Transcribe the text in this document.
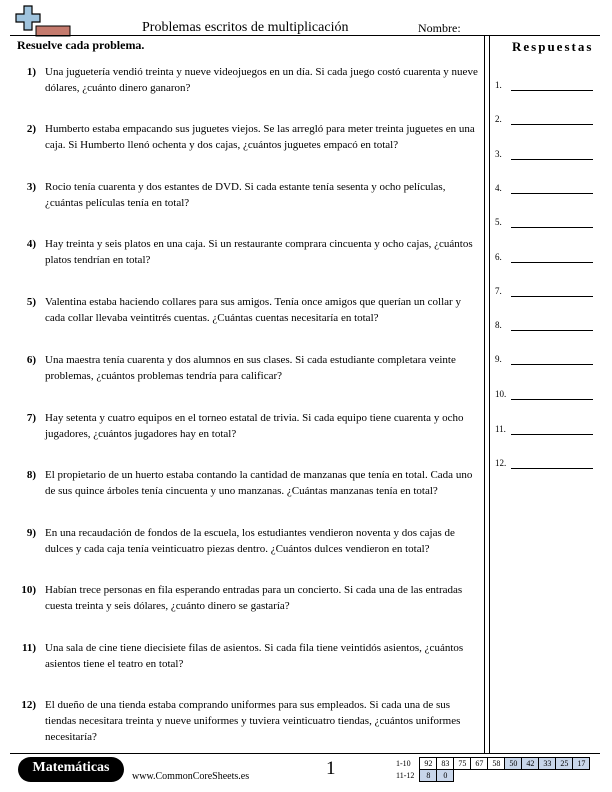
Problemas escritos de multiplicación	Nombre:
Resuelve cada problema.	Respuestas
1) Una juguetería vendió treinta y nueve videojuegos en un día. Si cada juego costó cuarenta y nueve dólares, ¿cuánto dinero ganaron?
2) Humberto estaba empacando sus juguetes viejos. Se las arregló para meter treinta juguetes en una caja. Si Humberto llenó ochenta y dos cajas, ¿cuántos juguetes empacó en total?
3) Rocio tenía cuarenta y dos estantes de DVD. Si cada estante tenía sesenta y ocho películas, ¿cuántas películas tenía en total?
4) Hay treinta y seis platos en una caja. Si un restaurante comprara cincuenta y ocho cajas, ¿cuántos platos tendrían en total?
5) Valentina estaba haciendo collares para sus amigos. Tenía once amigos que querían un collar y cada collar llevaba veintitrés cuentas. ¿Cuántas cuentas necesitaría en total?
6) Una maestra tenía cuarenta y dos alumnos en sus clases. Si cada estudiante completara veinte problemas, ¿cuántos problemas tendría para calificar?
7) Hay setenta y cuatro equipos en el torneo estatal de trivia. Si cada equipo tiene cuarenta y ocho jugadores, ¿cuántos jugadores hay en total?
8) El propietario de un huerto estaba contando la cantidad de manzanas que tenía en total. Cada uno de sus quince árboles tenía cincuenta y uno manzanas. ¿Cuántas manzanas tenía en total?
9) En una recaudación de fondos de la escuela, los estudiantes vendieron noventa y dos cajas de dulces y cada caja tenía veinticuatro piezas dentro. ¿Cuántos dulces vendieron en total?
10) Habían trece personas en fila esperando entradas para un concierto. Si cada una de las entradas cuesta treinta y seis dólares, ¿cuánto dinero se gastaría?
11) Una sala de cine tiene diecisiete filas de asientos. Si cada fila tiene veintidós asientos, ¿cuántos asientos tiene el teatro en total?
12) El dueño de una tienda estaba comprando uniformes para sus empleados. Si cada una de sus tiendas necesitara treinta y nueve uniformes y tuviera veinticuatro tiendas, ¿cuántos uniformes necesitaría?
1.
2.
3.
4.
5.
6.
7.
8.
9.
10.
11.
12.
Matemáticas
www.CommonCoreSheets.es	1	1-10	92	83	75	67	58	50	42	33	25	17
11-12	8	0								
